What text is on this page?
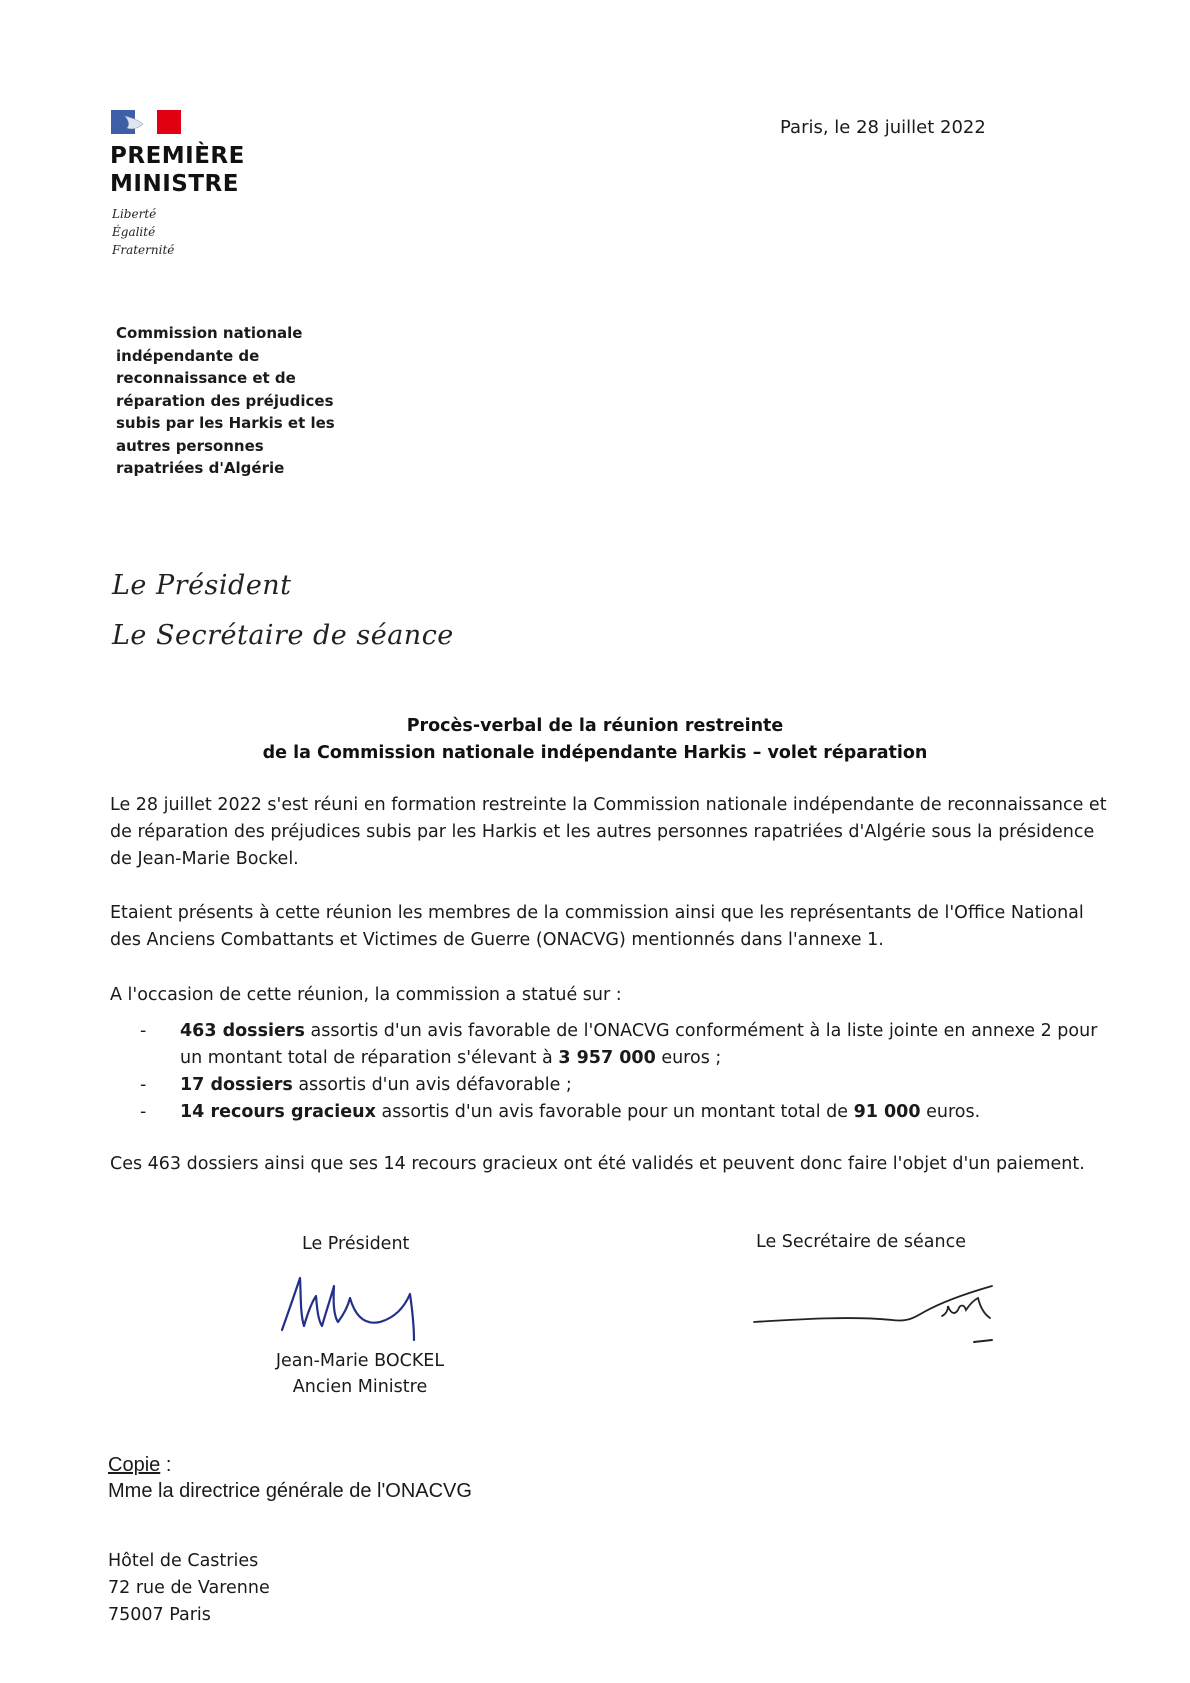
PREMIÈRE
MINISTRE
Liberté
Égalité
Fraternité
Paris, le 28 juillet 2022
Commission nationale
indépendante de
reconnaissance et de
réparation des préjudices
subis par les Harkis et les
autres personnes
rapatriées d'Algérie
Le Président
Le Secrétaire de séance
Procès-verbal de la réunion restreinte
de la Commission nationale indépendante Harkis – volet réparation
Le 28 juillet 2022 s'est réuni en formation restreinte la Commission nationale indépendante de reconnaissance et de réparation des préjudices subis par les Harkis et les autres personnes rapatriées d'Algérie sous la présidence de Jean-Marie Bockel.
Etaient présents à cette réunion les membres de la commission ainsi que les représentants de l'Office National des Anciens Combattants et Victimes de Guerre (ONACVG) mentionnés dans l'annexe 1.
A l'occasion de cette réunion, la commission a statué sur :
- 463 dossiers assortis d'un avis favorable de l'ONACVG conformément à la liste jointe en annexe 2 pour un montant total de réparation s'élevant à 3 957 000 euros ;
- 17 dossiers assortis d'un avis défavorable ;
- 14 recours gracieux assortis d'un avis favorable pour un montant total de 91 000 euros.
Ces 463 dossiers ainsi que ses 14 recours gracieux ont été validés et peuvent donc faire l'objet d'un paiement.
Le Président	Le Secrétaire de séance
Jean-Marie BOCKEL
Ancien Ministre
Copie :
Mme la directrice générale de l'ONACVG
Hôtel de Castries
72 rue de Varenne
75007 Paris
